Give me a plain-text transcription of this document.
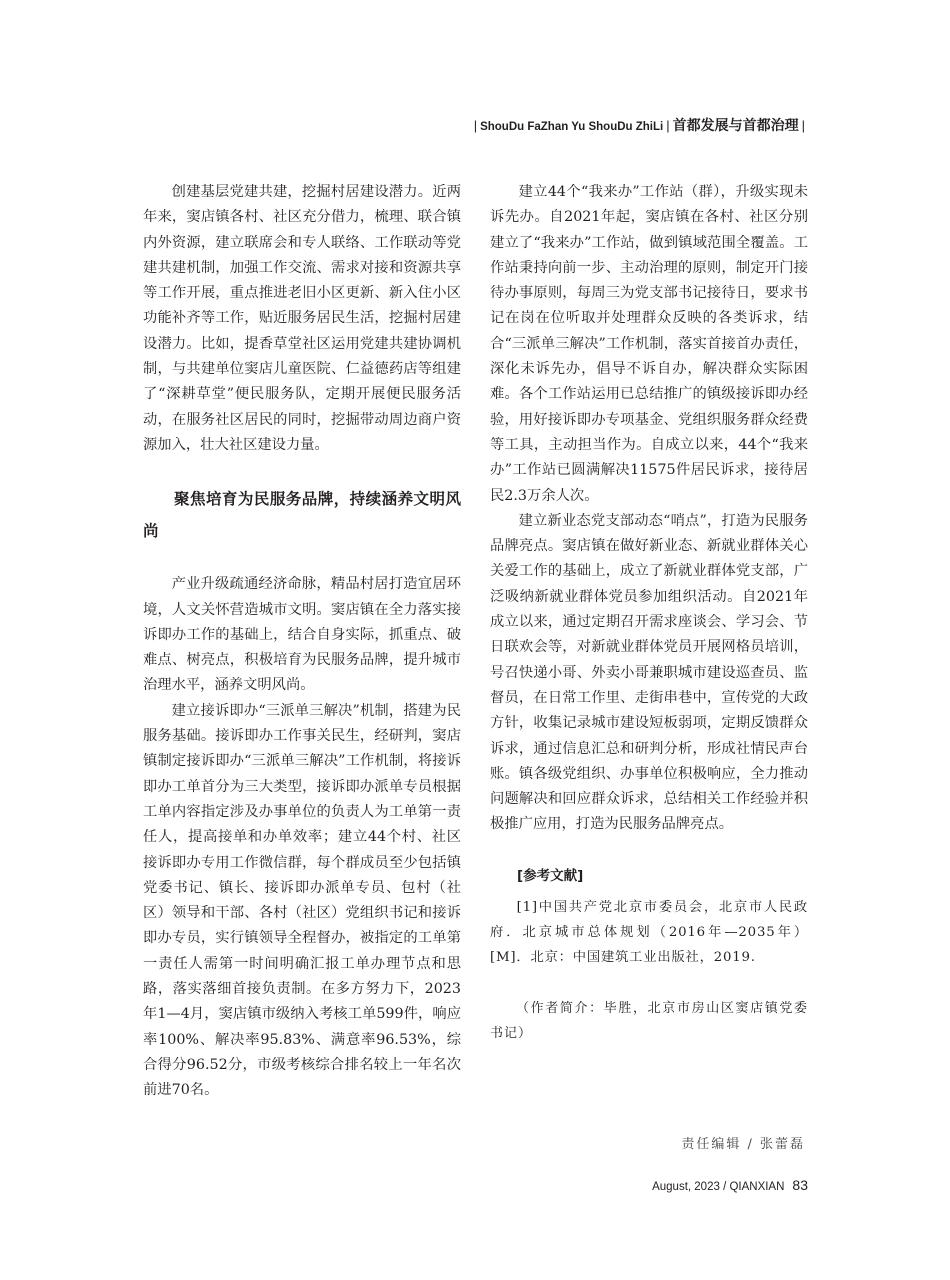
| ShouDu FaZhan Yu ShouDu ZhiLi | 首都发展与首都治理 |

创建基层党建共建，挖掘村居建设潜力。近两年来，窦店镇各村、社区充分借力，梳理、联合镇内外资源，建立联席会和专人联络、工作联动等党建共建机制，加强工作交流、需求对接和资源共享等工作开展，重点推进老旧小区更新、新入住小区功能补齐等工作，贴近服务居民生活，挖掘村居建设潜力。比如，提香草堂社区运用党建共建协调机制，与共建单位窦店儿童医院、仁益德药店等组建了“深耕草堂”便民服务队，定期开展便民服务活动，在服务社区居民的同时，挖掘带动周边商户资源加入，壮大社区建设力量。

聚焦培育为民服务品牌，持续涵养文明风尚

产业升级疏通经济命脉，精品村居打造宜居环境，人文关怀营造城市文明。窦店镇在全力落实接诉即办工作的基础上，结合自身实际，抓重点、破难点、树亮点，积极培育为民服务品牌，提升城市治理水平，涵养文明风尚。

建立接诉即办“三派单三解决”机制，搭建为民服务基础。接诉即办工作事关民生，经研判，窦店镇制定接诉即办“三派单三解决”工作机制，将接诉即办工单首分为三大类型，接诉即办派单专员根据工单内容指定涉及办事单位的负责人为工单第一责任人，提高接单和办单效率；建立44个村、社区接诉即办专用工作微信群，每个群成员至少包括镇党委书记、镇长、接诉即办派单专员、包村（社区）领导和干部、各村（社区）党组织书记和接诉即办专员，实行镇领导全程督办，被指定的工单第一责任人需第一时间明确汇报工单办理节点和思路，落实落细首接负责制。在多方努力下，2023年1—4月，窦店镇市级纳入考核工单599件，响应率100%、解决率95.83%、满意率96.53%，综合得分96.52分，市级考核综合排名较上一年名次前进70名。

建立44个“我来办”工作站（群），升级实现未诉先办。自2021年起，窦店镇在各村、社区分别建立了“我来办”工作站，做到镇域范围全覆盖。工作站秉持向前一步、主动治理的原则，制定开门接待办事原则，每周三为党支部书记接待日，要求书记在岗在位听取并处理群众反映的各类诉求，结合“三派单三解决”工作机制，落实首接首办责任，深化未诉先办，倡导不诉自办，解决群众实际困难。各个工作站运用已总结推广的镇级接诉即办经验，用好接诉即办专项基金、党组织服务群众经费等工具，主动担当作为。自成立以来，44个“我来办”工作站已圆满解决11575件居民诉求，接待居民2.3万余人次。

建立新业态党支部动态“哨点”，打造为民服务品牌亮点。窦店镇在做好新业态、新就业群体关心关爱工作的基础上，成立了新就业群体党支部，广泛吸纳新就业群体党员参加组织活动。自2021年成立以来，通过定期召开需求座谈会、学习会、节日联欢会等，对新就业群体党员开展网格员培训，号召快递小哥、外卖小哥兼职城市建设巡查员、监督员，在日常工作里、走街串巷中，宣传党的大政方针，收集记录城市建设短板弱项，定期反馈群众诉求，通过信息汇总和研判分析，形成社情民声台账。镇各级党组织、办事单位积极响应，全力推动问题解决和回应群众诉求，总结相关工作经验并积极推广应用，打造为民服务品牌亮点。

[参考文献]

[1]中国共产党北京市委员会，北京市人民政府．北京城市总体规划（2016年—2035年）[M]．北京：中国建筑工业出版社，2019.

（作者简介：毕胜，北京市房山区窦店镇党委书记）

责任编辑 / 张蕾磊
August, 2023 / QIANXIAN 83
